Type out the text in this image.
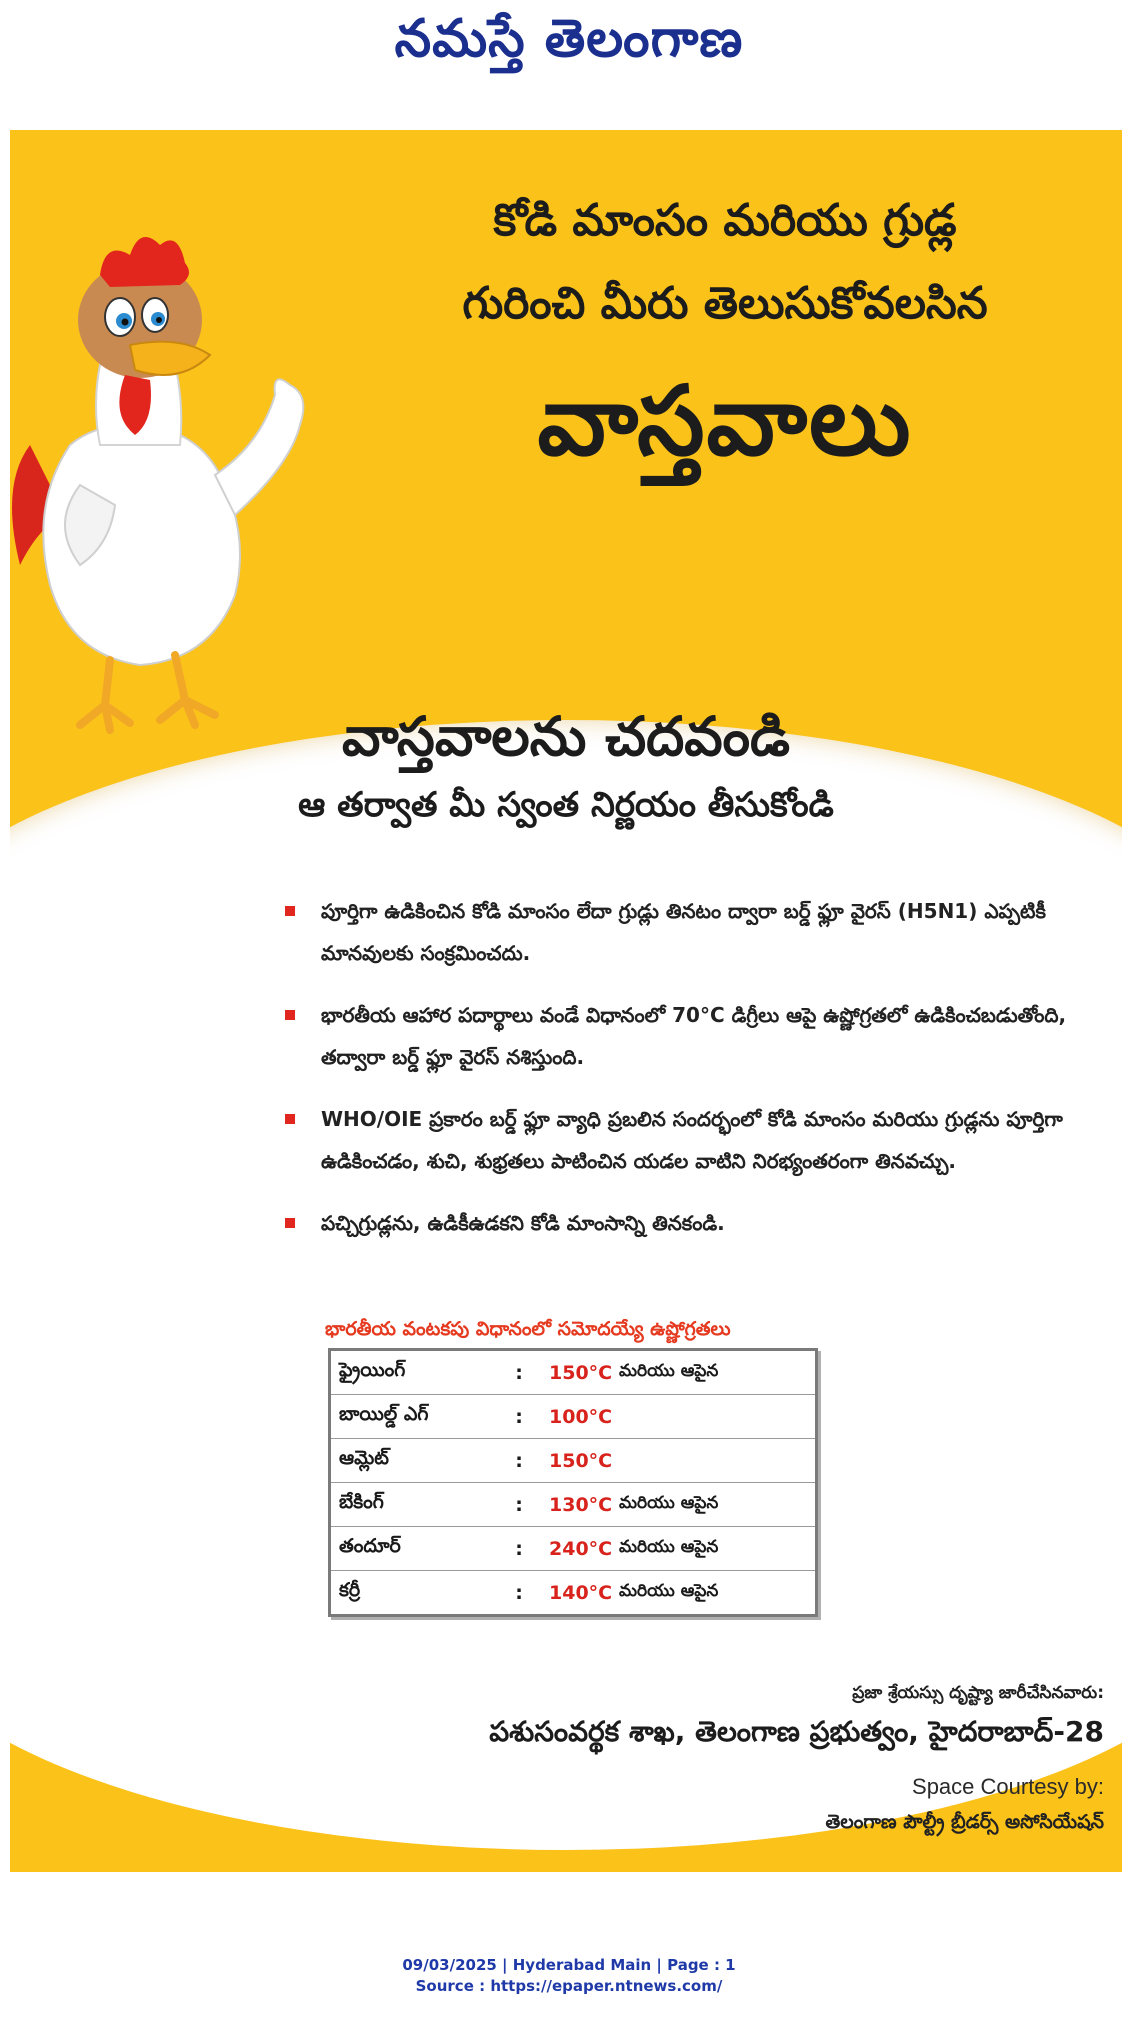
నమస్తే తెలంగాణ
కోడి మాంసం మరియు గ్రుడ్ల
గురించి మీరు తెలుసుకోవలసిన
వాస్తవాలు
వాస్తవాలను చదవండి
ఆ తర్వాత మీ స్వంత నిర్ణయం తీసుకోండి
పూర్తిగా ఉడికించిన కోడి మాంసం లేదా గ్రుడ్లు తినటం ద్వారా బర్డ్ ఫ్లూ వైరస్ (H5N1) ఎప్పటికీ మానవులకు సంక్రమించదు.
భారతీయ ఆహార పదార్థాలు వండే విధానంలో 70°C డిగ్రీలు ఆపై ఉష్ణోగ్రతలో ఉడికించబడుతోంది, తద్వారా బర్డ్ ఫ్లూ వైరస్ నశిస్తుంది.
WHO/OIE ప్రకారం బర్డ్ ఫ్లూ వ్యాధి ప్రబలిన సందర్భంలో కోడి మాంసం మరియు గ్రుడ్లను పూర్తిగా ఉడికించడం, శుచి, శుభ్రతలు పాటించిన యడల వాటిని నిరభ్యంతరంగా తినవచ్చు.
పచ్చిగ్రుడ్లను, ఉడికీఉడకని కోడి మాంసాన్ని తినకండి.
భారతీయ వంటకపు విధానంలో సమోదయ్యే ఉష్ణోగ్రతలు
ఫ్రైయింగ్	:	150°C మరియు ఆపైన
బాయిల్డ్ ఎగ్	:	100°C
ఆమ్లెట్	:	150°C
బేకింగ్	:	130°C మరియు ఆపైన
తందూర్	:	240°C మరియు ఆపైన
కర్రీ	:	140°C మరియు ఆపైన
ప్రజా శ్రేయస్సు దృష్ట్యా జారీచేసినవారు:
పశుసంవర్థక శాఖ, తెలంగాణ ప్రభుత్వం, హైదరాబాద్-28
Space Courtesy by:
తెలంగాణ పౌల్ట్రీ బ్రీడర్స్ అసోసియేషన్
09/03/2025 | Hyderabad Main | Page : 1
Source : https://epaper.ntnews.com/
